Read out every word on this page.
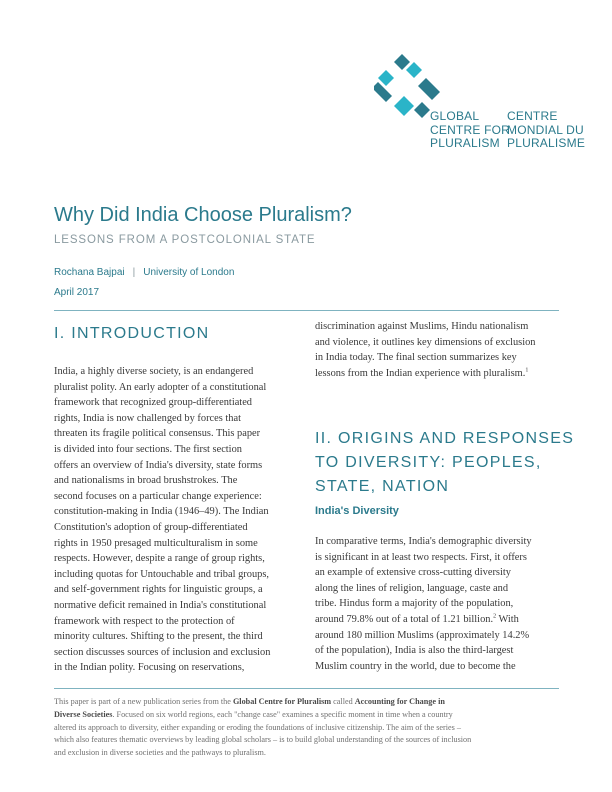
GLOBAL
CENTRE FOR
PLURALISM
CENTRE
MONDIAL DU
PLURALISME
Why Did India Choose Pluralism?
LESSONS FROM A POSTCOLONIAL STATE
Rochana Bajpai | University of London
April 2017
I. INTRODUCTION
India, a highly diverse society, is an endangered
pluralist polity. An early adopter of a constitutional
framework that recognized group-differentiated
rights, India is now challenged by forces that
threaten its fragile political consensus. This paper
is divided into four sections. The first section
offers an overview of India's diversity, state forms
and nationalisms in broad brushstrokes. The
second focuses on a particular change experience:
constitution-making in India (1946–49). The Indian
Constitution's adoption of group-differentiated
rights in 1950 presaged multiculturalism in some
respects. However, despite a range of group rights,
including quotas for Untouchable and tribal groups,
and self-government rights for linguistic groups, a
normative deficit remained in India's constitutional
framework with respect to the protection of
minority cultures. Shifting to the present, the third
section discusses sources of inclusion and exclusion
in the Indian polity. Focusing on reservations,
discrimination against Muslims, Hindu nationalism
and violence, it outlines key dimensions of exclusion
in India today. The final section summarizes key
lessons from the Indian experience with pluralism.$^1$
II. ORIGINS AND RESPONSES
TO DIVERSITY: PEOPLES,
STATE, NATION
India's Diversity
In comparative terms, India's demographic diversity
is significant in at least two respects. First, it offers
an example of extensive cross-cutting diversity
along the lines of religion, language, caste and
tribe. Hindus form a majority of the population,
around 79.8% out of a total of 1.21 billion.$^2$ With
around 180 million Muslims (approximately 14.2%
of the population), India is also the third-largest
Muslim country in the world, due to become the
This paper is part of a new publication series from the Global Centre for Pluralism called Accounting for Change in
Diverse Societies. Focused on six world regions, each "change case" examines a specific moment in time when a country
altered its approach to diversity, either expanding or eroding the foundations of inclusive citizenship. The aim of the series –
which also features thematic overviews by leading global scholars – is to build global understanding of the sources of inclusion
and exclusion in diverse societies and the pathways to pluralism.
